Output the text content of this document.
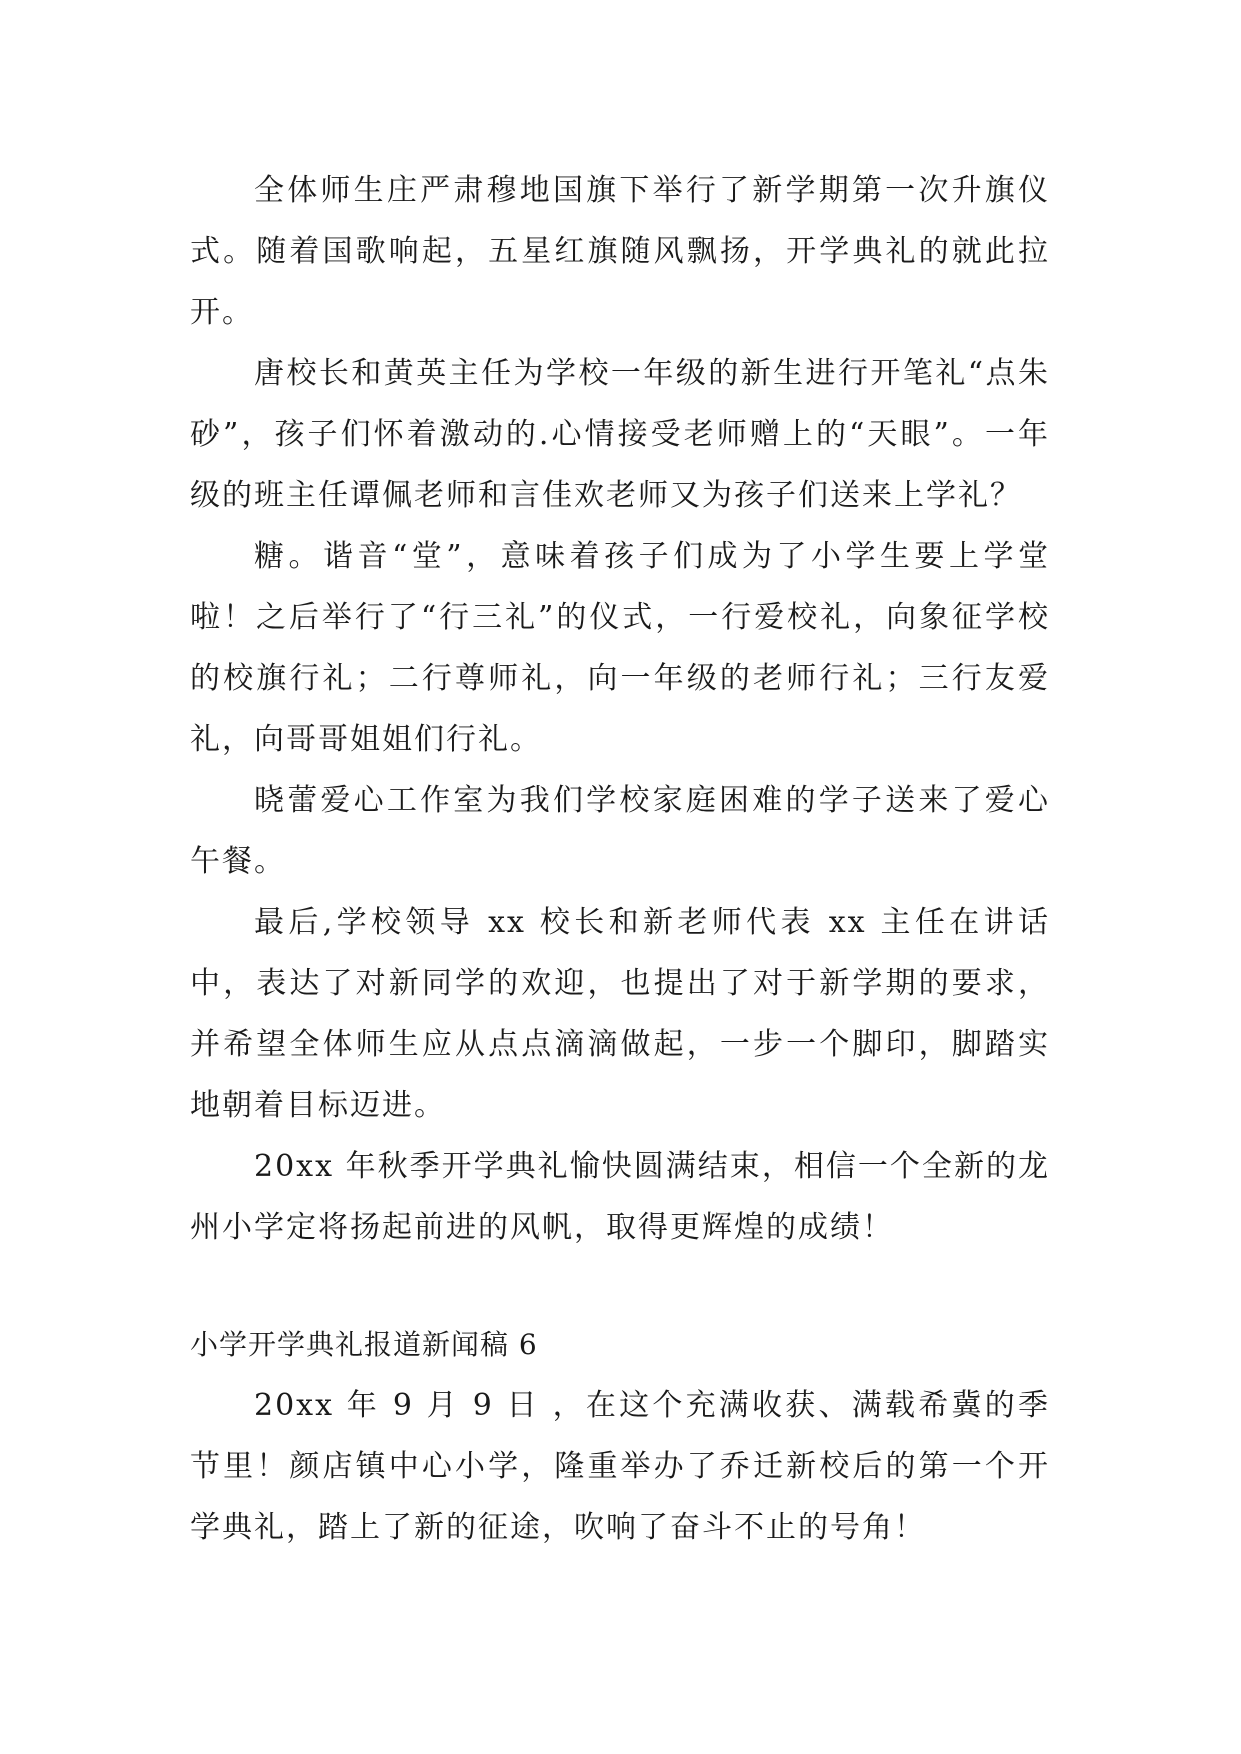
全体师生庄严肃穆地国旗下举行了新学期第一次升旗仪式。随着国歌响起，五星红旗随风飘扬，开学典礼的就此拉开。

唐校长和黄英主任为学校一年级的新生进行开笔礼“点朱砂”，孩子们怀着激动的.心情接受老师赠上的“天眼”。一年级的班主任谭佩老师和言佳欢老师又为孩子们送来上学礼？

糖。谐音“堂”，意味着孩子们成为了小学生要上学堂啦！之后举行了“行三礼”的仪式，一行爱校礼，向象征学校的校旗行礼；二行尊师礼，向一年级的老师行礼；三行友爱礼，向哥哥姐姐们行礼。

晓蕾爱心工作室为我们学校家庭困难的学子送来了爱心午餐。

最后,学校领导 xx 校长和新老师代表 xx 主任在讲话中，表达了对新同学的欢迎，也提出了对于新学期的要求，并希望全体师生应从点点滴滴做起，一步一个脚印，脚踏实地朝着目标迈进。

20xx 年秋季开学典礼愉快圆满结束，相信一个全新的龙州小学定将扬起前进的风帆，取得更辉煌的成绩！

小学开学典礼报道新闻稿 6

20xx 年 9 月 9 日 ，在这个充满收获、满载希冀的季节里！颜店镇中心小学，隆重举办了乔迁新校后的第一个开学典礼，踏上了新的征途，吹响了奋斗不止的号角！
